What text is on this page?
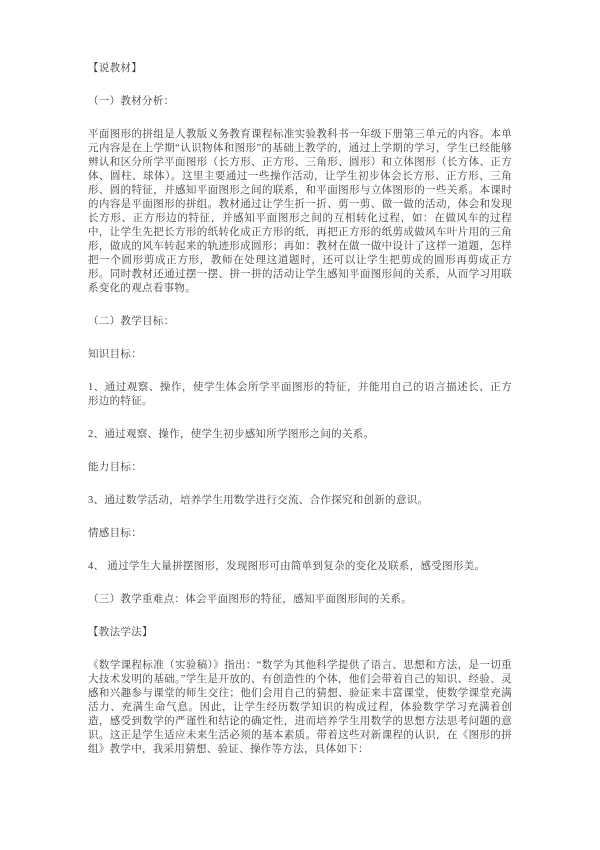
【说教材】

（一）教材分析：

平面图形的拼组是人教版义务教育课程标准实验教科书一年级下册第三单元的内容。本单元内容是在上学期“认识物体和图形”的基础上教学的，通过上学期的学习，学生已经能够辨认和区分所学平面图形（长方形、正方形、三角形、圆形）和立体图形（长方体、正方体、圆柱、球体）。这里主要通过一些操作活动，让学生初步体会长方形、正方形、三角形、圆的特征，并感知平面图形之间的联系，和平面图形与立体图形的一些关系。本课时的内容是平面图形的拼组。教材通过让学生折一折、剪一剪、做一做的活动，体会和发现长方形、正方形边的特征，并感知平面图形之间的互相转化过程，如：在做风车的过程中，让学生先把长方形的纸转化成正方形的纸，再把正方形的纸剪成做风车叶片用的三角形，做成的风车转起来的轨迹形成圆形；再如：教材在做一做中设计了这样一道题，怎样把一个圆形剪成正方形，教师在处理这道题时，还可以让学生把剪成的圆形再剪成正方形。同时教材还通过摆一摆、拼一拼的活动让学生感知平面图形间的关系，从而学习用联系变化的观点看事物。

（二）教学目标：

知识目标：

1、通过观察、操作，使学生体会所学平面图形的特征，并能用自己的语言描述长、正方形边的特征。

2、通过观察、操作，使学生初步感知所学图形之间的关系。

能力目标：

3、通过数学活动，培养学生用数学进行交流、合作探究和创新的意识。

情感目标：

4、 通过学生大量拼摆图形，发现图形可由简单到复杂的变化及联系，感受图形美。

（三）教学重难点：体会平面图形的特征，感知平面图形间的关系。

【教法学法】

《数学课程标准（实验稿）》指出：“数学为其他科学提供了语言、思想和方法，是一切重大技术发明的基础。”学生是开放的、有创造性的个体，他们会带着自己的知识、经验、灵感和兴趣参与课堂的师生交往；他们会用自己的猜想、验证来丰富课堂，使数学课堂充满活力、充满生命气息。因此，让学生经历数学知识的构成过程，体验数学学习充满着创造，感受到数学的严谨性和结论的确定性，进而培养学生用数学的思想方法思考问题的意识。这正是学生适应未来生活必须的基本素质。带着这些对新课程的认识，在《图形的拼组》教学中，我采用猜想、验证、操作等方法，具体如下：
